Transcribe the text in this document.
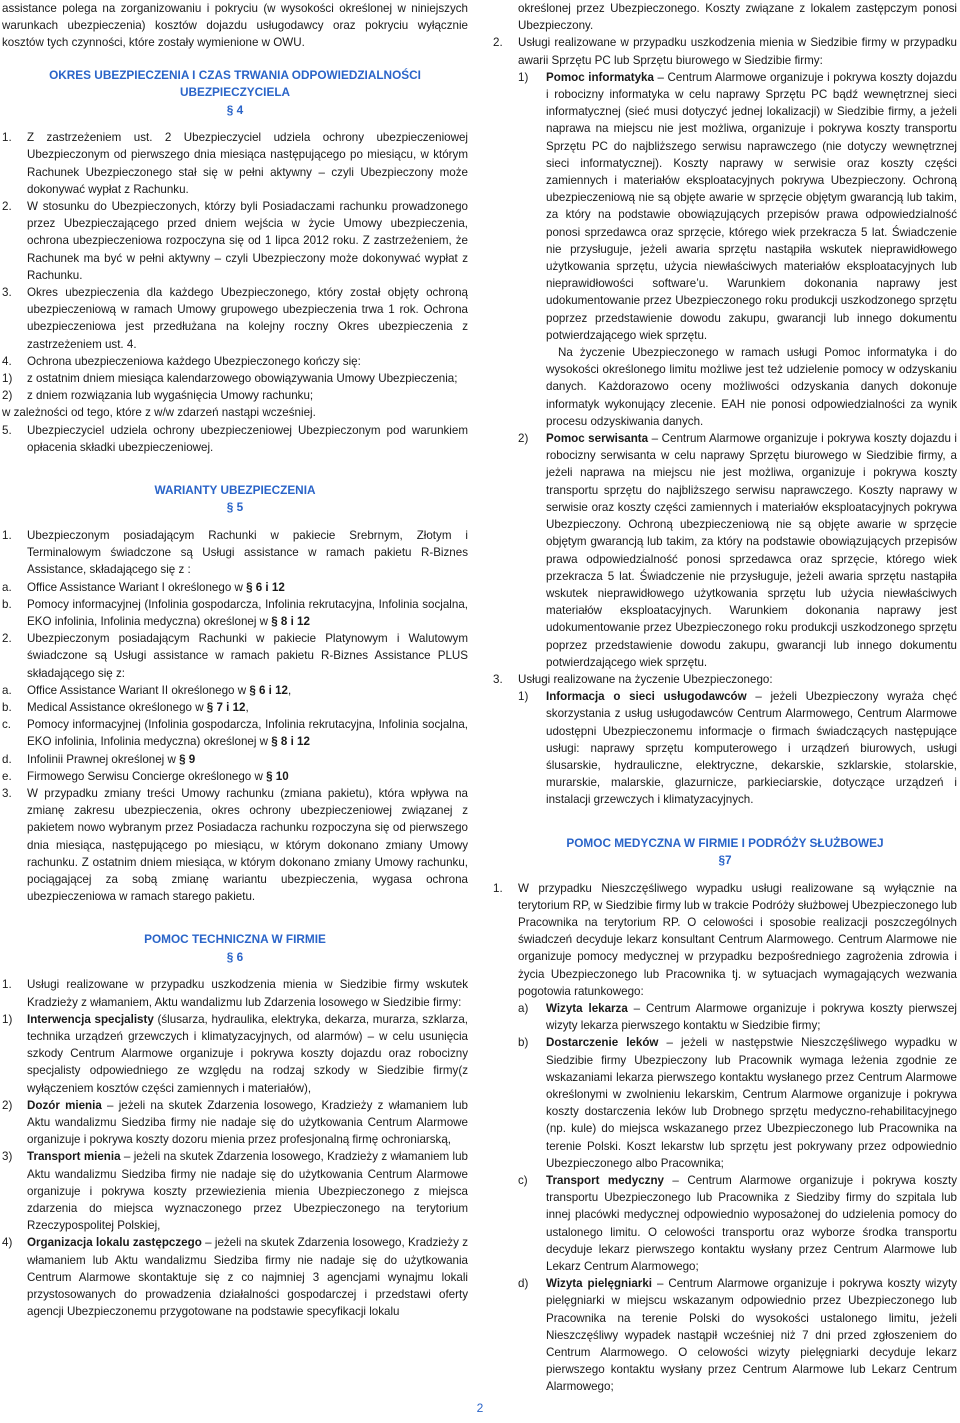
assistance polega na zorganizowaniu i pokryciu (w wysokości określonej w niniejszych warunkach ubezpieczenia) kosztów dojazdu usługodawcy oraz pokryciu wyłącznie kosztów tych czynności, które zostały wymienione w OWU.

OKRES UBEZPIECZENIA I CZAS TRWANIA ODPOWIEDZIALNOŚCI UBEZPIECZYCIELA

§ 4

1.	Z zastrzeżeniem ust. 2 Ubezpieczyciel udziela ochrony ubezpieczeniowej Ubezpieczonym od pierwszego dnia miesiąca następującego po miesiącu, w którym Rachunek Ubezpieczonego stał się w pełni aktywny – czyli Ubezpieczony może dokonywać wypłat z Rachunku.
2.	W stosunku do Ubezpieczonych, którzy byli Posiadaczami rachunku prowadzonego przez Ubezpieczającego przed dniem wejścia w życie Umowy ubezpieczenia, ochrona ubezpieczeniowa rozpoczyna się od 1 lipca 2012 roku. Z zastrzeżeniem, że Rachunek ma być w pełni aktywny – czyli Ubezpieczony może dokonywać wypłat z Rachunku.
3.	Okres ubezpieczenia dla każdego Ubezpieczonego, który został objęty ochroną ubezpieczeniową w ramach Umowy grupowego ubezpieczenia trwa 1 rok. Ochrona ubezpieczeniowa jest przedłużana na kolejny roczny Okres ubezpieczenia z zastrzeżeniem ust. 4.
4.	Ochrona ubezpieczeniowa każdego Ubezpieczonego kończy się:
1)	z ostatnim dniem miesiąca kalendarzowego obowiązywania Umowy Ubezpieczenia;
2)	z dniem rozwiązania lub wygaśnięcia Umowy rachunku;

w zależności od tego, które z w/w zdarzeń nastąpi wcześniej.

5.	Ubezpieczyciel udziela ochrony ubezpieczeniowej Ubezpieczonym pod warunkiem opłacenia składki ubezpieczeniowej.

WARIANTY UBEZPIECZENIA

§ 5

1.	Ubezpieczonym posiadającym Rachunki w pakiecie Srebrnym, Złotym i Terminalowym świadczone są Usługi assistance w ramach pakietu R-Biznes Assistance, składającego się z :
a.	Office Assistance Wariant I określonego w § 6 i 12
b.	Pomocy informacyjnej (Infolinia gospodarcza, Infolinia rekrutacyjna, Infolinia socjalna, EKO infolinia, Infolinia medyczna) określonej w § 8 i 12
2.	Ubezpieczonym posiadającym Rachunki w pakiecie Platynowym i Walutowym świadczone są Usługi assistance w ramach pakietu R-Biznes Assistance PLUS składającego się z:
a.	Office Assistance Wariant II określonego w § 6 i 12,
b.	Medical Assistance określonego w § 7 i 12,
c.	Pomocy informacyjnej (Infolinia gospodarcza, Infolinia rekrutacyjna, Infolinia socjalna, EKO infolinia, Infolinia medyczna) określonej w § 8 i 12
d.	Infolinii Prawnej określonej w § 9
e.	Firmowego Serwisu Concierge określonego w § 10
3.	W przypadku zmiany treści Umowy rachunku (zmiana pakietu), która wpływa na zmianę zakresu ubezpieczenia, okres ochrony ubezpieczeniowej związanej z pakietem nowo wybranym przez Posiadacza rachunku rozpoczyna się od pierwszego dnia miesiąca, następującego po miesiącu, w którym dokonano zmiany Umowy rachunku. Z ostatnim dniem miesiąca, w którym dokonano zmiany Umowy rachunku, pociągającej za sobą zmianę wariantu ubezpieczenia, wygasa ochrona ubezpieczeniowa w ramach starego pakietu.

POMOC TECHNICZNA W FIRMIE

§ 6

1.	Usługi realizowane w przypadku uszkodzenia mienia w Siedzibie firmy wskutek Kradzieży z włamaniem, Aktu wandalizmu lub Zdarzenia losowego w Siedzibie firmy:
1)	Interwencja specjalisty (ślusarza, hydraulika, elektryka, dekarza, murarza, szklarza, technika urządzeń grzewczych i klimatyzacyjnych, od alarmów) – w celu usunięcia szkody Centrum Alarmowe organizuje i pokrywa koszty dojazdu oraz robocizny specjalisty odpowiedniego ze względu na rodzaj szkody w Siedzibie firmy(z wyłączeniem kosztów części zamiennych i materiałów),
2)	Dozór mienia – jeżeli na skutek Zdarzenia losowego, Kradzieży z włamaniem lub Aktu wandalizmu Siedziba firmy nie nadaje się do użytkowania Centrum Alarmowe organizuje i pokrywa koszty dozoru mienia przez profesjonalną firmę ochroniarską,
3)	Transport mienia – jeżeli na skutek Zdarzenia losowego, Kradzieży z włamaniem lub Aktu wandalizmu Siedziba firmy nie nadaje się do użytkowania Centrum Alarmowe organizuje i pokrywa koszty przewiezienia mienia Ubezpieczonego z miejsca zdarzenia do miejsca wyznaczonego przez Ubezpieczonego na terytorium Rzeczypospolitej Polskiej,
4)	Organizacja lokalu zastępczego – jeżeli na skutek Zdarzenia losowego, Kradzieży z włamaniem lub Aktu wandalizmu Siedziba firmy nie nadaje się do użytkowania Centrum Alarmowe skontaktuje się z co najmniej 3 agencjami wynajmu lokali przystosowanych do prowadzenia działalności gospodarczej i przedstawi oferty agencji Ubezpieczonemu przygotowane na podstawie specyfikacji lokalu

określonej przez Ubezpieczonego. Koszty związane z lokalem zastępczym ponosi Ubezpieczony.

2.	Usługi realizowane w przypadku uszkodzenia mienia w Siedzibie firmy w przypadku awarii Sprzętu PC lub Sprzętu biurowego w Siedzibie firmy:
1)	Pomoc informatyka – Centrum Alarmowe organizuje i pokrywa koszty dojazdu i robocizny informatyka w celu naprawy Sprzętu PC bądź wewnętrznej sieci informatycznej (sieć musi dotyczyć jednej lokalizacji) w Siedzibie firmy, a jeżeli naprawa na miejscu nie jest możliwa, organizuje i pokrywa koszty transportu Sprzętu PC do najbliższego serwisu naprawczego (nie dotyczy wewnętrznej sieci informatycznej). Koszty naprawy w serwisie oraz koszty części zamiennych i materiałów eksploatacyjnych pokrywa Ubezpieczony. Ochroną ubezpieczeniową nie są objęte awarie w sprzęcie objętym gwarancją lub takim, za który na podstawie obowiązujących przepisów prawa odpowiedzialność ponosi sprzedawca oraz sprzęcie, którego wiek przekracza 5 lat. Świadczenie nie przysługuje, jeżeli awaria sprzętu nastąpiła wskutek nieprawidłowego użytkowania sprzętu, użycia niewłaściwych materiałów eksploatacyjnych lub nieprawidłowości software’u. Warunkiem dokonania naprawy jest udokumentowanie przez Ubezpieczonego roku produkcji uszkodzonego sprzętu poprzez przedstawienie dowodu zakupu, gwarancji lub innego dokumentu potwierdzającego wiek sprzętu.

Na życzenie Ubezpieczonego w ramach usługi Pomoc informatyka i do wysokości określonego limitu możliwe jest też udzielenie pomocy w odzyskaniu danych. Każdorazowo oceny możliwości odzyskania danych dokonuje informatyk wykonujący zlecenie. EAH nie ponosi odpowiedzialności za wynik procesu odzyskiwania danych.

2)	Pomoc serwisanta – Centrum Alarmowe organizuje i pokrywa koszty dojazdu i robocizny serwisanta w celu naprawy Sprzętu biurowego w Siedzibie firmy, a jeżeli naprawa na miejscu nie jest możliwa, organizuje i pokrywa koszty transportu sprzętu do najbliższego serwisu naprawczego. Koszty naprawy w serwisie oraz koszty części zamiennych i materiałów eksploatacyjnych pokrywa Ubezpieczony. Ochroną ubezpieczeniową nie są objęte awarie w sprzęcie objętym gwarancją lub takim, za który na podstawie obowiązujących przepisów prawa odpowiedzialność ponosi sprzedawca oraz sprzęcie, którego wiek przekracza 5 lat. Świadczenie nie przysługuje, jeżeli awaria sprzętu nastąpiła wskutek nieprawidłowego użytkowania sprzętu lub użycia niewłaściwych materiałów eksploatacyjnych. Warunkiem dokonania naprawy jest udokumentowanie przez Ubezpieczonego roku produkcji uszkodzonego sprzętu poprzez przedstawienie dowodu zakupu, gwarancji lub innego dokumentu potwierdzającego wiek sprzętu.
3.	Usługi realizowane na życzenie Ubezpieczonego:
1)	Informacja o sieci usługodawców – jeżeli Ubezpieczony wyraża chęć skorzystania z usług usługodawców Centrum Alarmowego, Centrum Alarmowe udostępni Ubezpieczonemu informacje o firmach świadczących następujące usługi: naprawy sprzętu komputerowego i urządzeń biurowych, usługi ślusarskie, hydrauliczne, elektryczne, dekarskie, szklarskie, stolarskie, murarskie, malarskie, glazurnicze, parkieciarskie, dotyczące urządzeń i instalacji grzewczych i klimatyzacyjnych.

POMOC MEDYCZNA W FIRMIE I PODRÓŻY SŁUŻBOWEJ

§7

1.	W przypadku Nieszczęśliwego wypadku usługi realizowane są wyłącznie na terytorium RP, w Siedzibie firmy lub w trakcie Podróży służbowej Ubezpieczonego lub Pracownika na terytorium RP. O celowości i sposobie realizacji poszczególnych świadczeń decyduje lekarz konsultant Centrum Alarmowego. Centrum Alarmowe nie organizuje pomocy medycznej w przypadku bezpośredniego zagrożenia zdrowia i życia Ubezpieczonego lub Pracownika tj. w sytuacjach wymagających wezwania pogotowia ratunkowego:
a)	Wizyta lekarza – Centrum Alarmowe organizuje i pokrywa koszty pierwszej wizyty lekarza pierwszego kontaktu w Siedzibie firmy;
b)	Dostarczenie leków – jeżeli w następstwie Nieszczęśliwego wypadku w Siedzibie firmy Ubezpieczony lub Pracownik wymaga leżenia zgodnie ze wskazaniami lekarza pierwszego kontaktu wysłanego przez Centrum Alarmowe określonymi w zwolnieniu lekarskim, Centrum Alarmowe organizuje i pokrywa koszty dostarczenia leków lub Drobnego sprzętu medyczno-rehabilitacyjnego (np. kule) do miejsca wskazanego przez Ubezpieczonego lub Pracownika na terenie Polski. Koszt lekarstw lub sprzętu jest pokrywany przez odpowiednio Ubezpieczonego albo Pracownika;
c)	Transport medyczny – Centrum Alarmowe organizuje i pokrywa koszty transportu Ubezpieczonego lub Pracownika z Siedziby firmy do szpitala lub innej placówki medycznej odpowiednio wyposażonej do udzielenia pomocy do ustalonego limitu. O celowości transportu oraz wyborze środka transportu decyduje lekarz pierwszego kontaktu wysłany przez Centrum Alarmowe lub Lekarz Centrum Alarmowego;
d)	Wizyta pielęgniarki – Centrum Alarmowe organizuje i pokrywa koszty wizyty pielęgniarki w miejscu wskazanym odpowiednio przez Ubezpieczonego lub Pracownika na terenie Polski do wysokości ustalonego limitu, jeżeli Nieszczęśliwy wypadek nastąpił wcześniej niż 7 dni przed zgłoszeniem do Centrum Alarmowego. O celowości wizyty pielęgniarki decyduje lekarz pierwszego kontaktu wysłany przez Centrum Alarmowe lub Lekarz Centrum Alarmowego;
2
